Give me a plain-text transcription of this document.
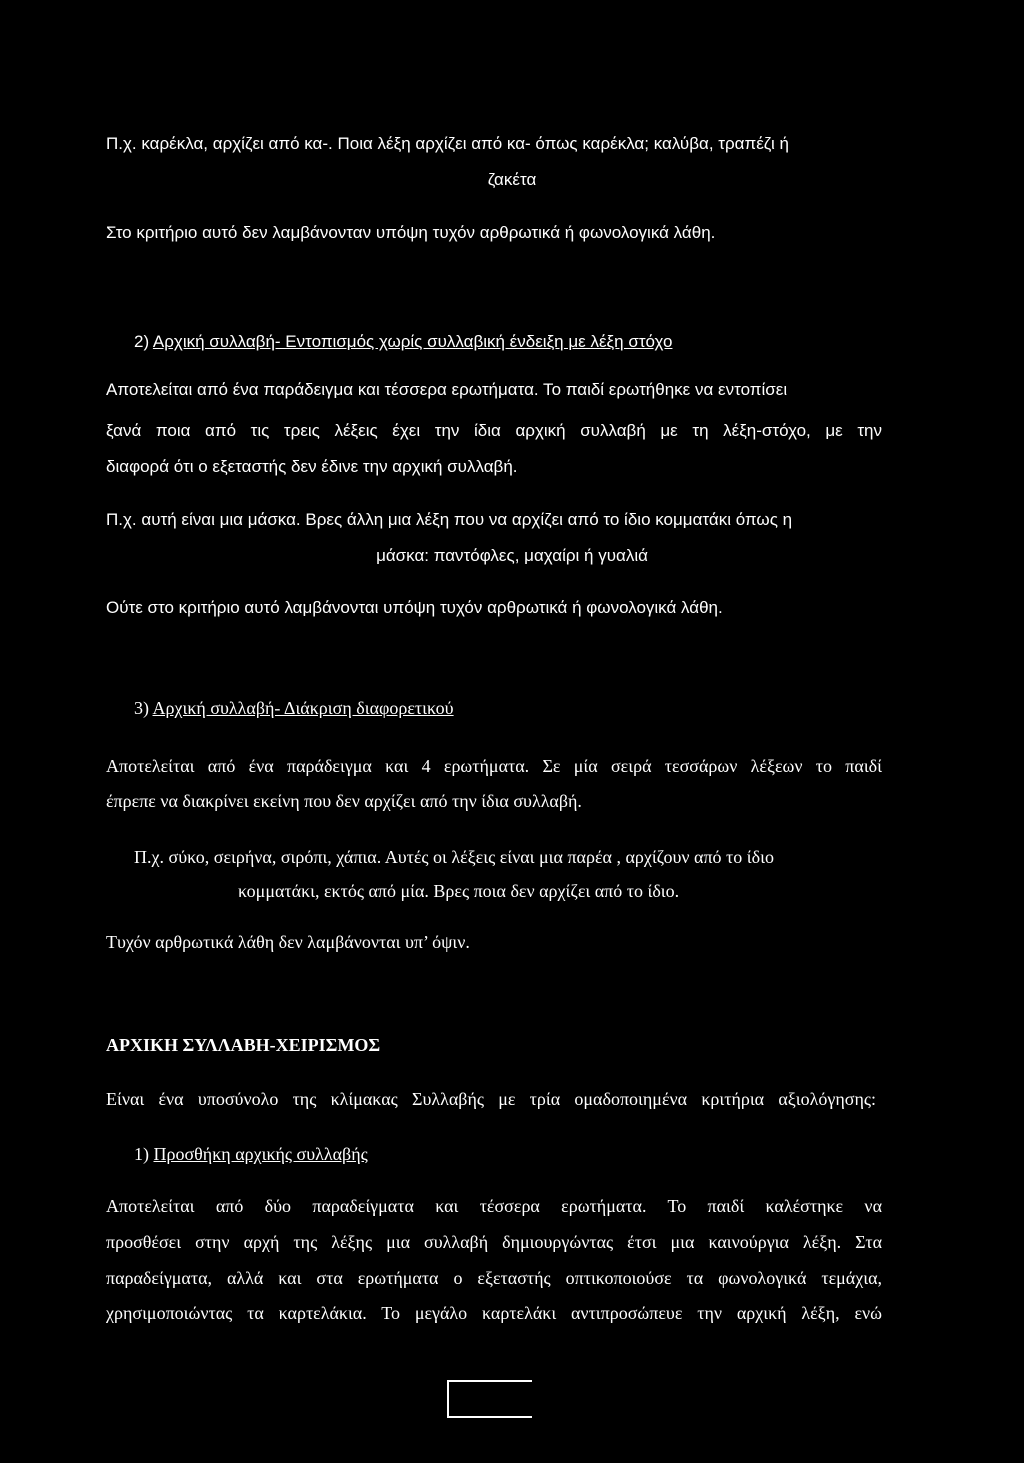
Π.χ. καρέκλα, αρχίζει από κα-. Ποια λέξη αρχίζει από κα- όπως καρέκλα; καλύβα, τραπέζι ή
ζακέτα
Στο κριτήριο αυτό δεν λαμβάνονταν υπόψη τυχόν αρθρωτικά ή φωνολογικά λάθη.
2) Αρχική συλλαβή- Εντοπισμός χωρίς συλλαβική ένδειξη με λέξη στόχο
Αποτελείται από ένα παράδειγμα και τέσσερα ερωτήματα. Το παιδί ερωτήθηκε να εντοπίσει
ξανά ποια από τις τρεις λέξεις έχει την ίδια αρχική συλλαβή με τη λέξη-στόχο, με την
διαφορά ότι ο εξεταστής δεν έδινε την αρχική συλλαβή.
Π.χ. αυτή είναι μια μάσκα. Βρες άλλη μια λέξη που να αρχίζει από το ίδιο κομματάκι όπως η
μάσκα: παντόφλες, μαχαίρι ή γυαλιά
Ούτε στο κριτήριο αυτό λαμβάνονται υπόψη τυχόν αρθρωτικά ή φωνολογικά λάθη.
3) Αρχική συλλαβή- Διάκριση διαφορετικού
Αποτελείται από ένα παράδειγμα και 4 ερωτήματα. Σε μία σειρά τεσσάρων λέξεων το παιδί
έπρεπε να διακρίνει εκείνη που δεν αρχίζει από την ίδια συλλαβή.
Π.χ. σύκο, σειρήνα, σιρόπι, χάπια. Αυτές οι λέξεις είναι μια παρέα , αρχίζουν από το ίδιο
κομματάκι, εκτός από μία. Βρες ποια δεν αρχίζει από το ίδιο.
Τυχόν αρθρωτικά λάθη δεν λαμβάνονται υπ’ όψιν.
ΑΡΧΙΚΗ ΣΥΛΛΑΒΗ-ΧΕΙΡΙΣΜΟΣ
Είναι ένα υποσύνολο της κλίμακας Συλλαβής με τρία ομαδοποιημένα κριτήρια αξιολόγησης:
1) Προσθήκη αρχικής συλλαβής
Αποτελείται από δύο παραδείγματα και τέσσερα ερωτήματα. Το παιδί καλέστηκε να
προσθέσει στην αρχή της λέξης μια συλλαβή δημιουργώντας έτσι μια καινούργια λέξη. Στα
παραδείγματα, αλλά και στα ερωτήματα ο εξεταστής οπτικοποιούσε τα φωνολογικά τεμάχια,
χρησιμοποιώντας τα καρτελάκια. Το μεγάλο καρτελάκι αντιπροσώπευε την αρχική λέξη, ενώ
